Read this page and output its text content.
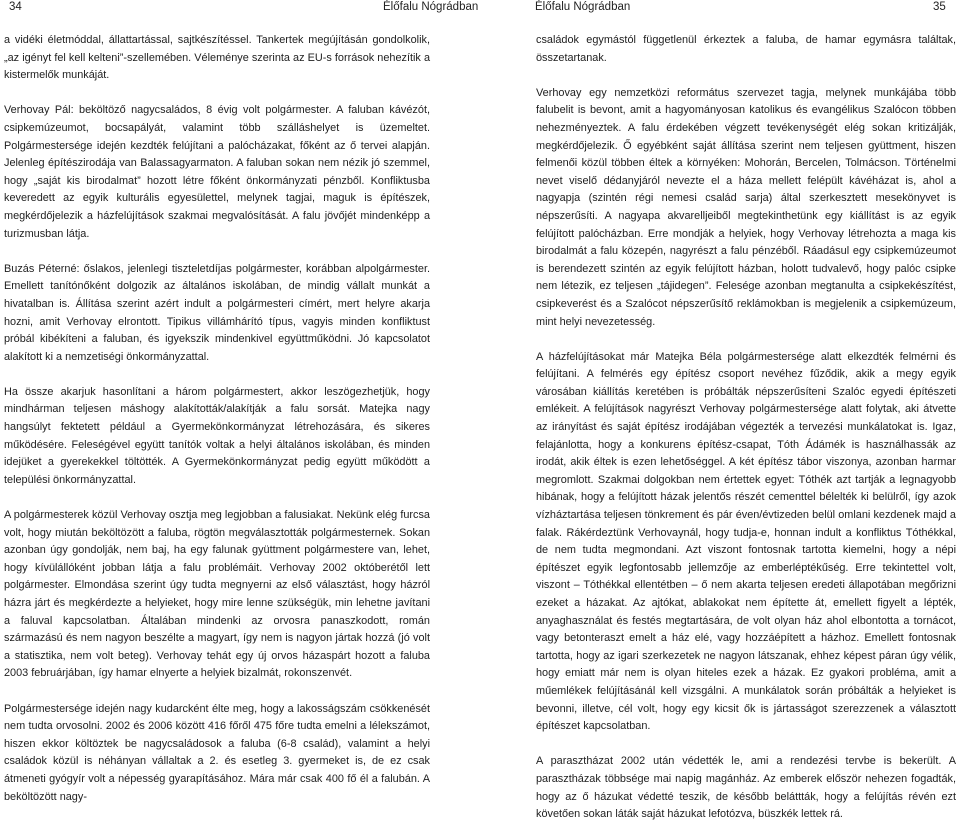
34	Élőfalu Nógrádban	Élőfalu Nógrádban	35

a vidéki életmóddal, állattartással, sajtkészítéssel. Tankertek megújításán gondolkolik, „az igényt fel kell kelteni”-szellemében. Véleménye szerinta az EU-s források nehezítik a kistermelők munkáját.

Verhovay Pál: beköltöző nagycsaládos, 8 évig volt polgármester. A faluban kávézót, csipkemúzeumot, bocsapályát, valamint több szálláshelyet is üzemeltet. Polgármestersége idején kezdték felújítani a palócházakat, főként az ő tervei alapján. Jelenleg építészirodája van Balassagyarmaton. A faluban sokan nem nézik jó szemmel, hogy „saját kis birodalmat” hozott létre főként önkormányzati pénzből. Konfliktusba keveredett az egyik kulturális egyesülettel, melynek tagjai, maguk is építészek, megkérdőjelezik a házfelújítások szakmai megvalósítását. A falu jövőjét mindenképp a turizmusban látja.

Buzás Péterné: őslakos, jelenlegi tiszteletdíjas polgármester, korábban alpolgármester. Emellett tanítónőként dolgozik az általános iskolában, de mindig vállalt munkát a hivatalban is. Állítása szerint azért indult a polgármesteri címért, mert helyre akarja hozni, amit Verhovay elrontott. Tipikus villámhárító típus, vagyis minden konfliktust próbál kibékíteni a faluban, és igyekszik mindenkivel együttműködni. Jó kapcsolatot alakított ki a nemzetiségi önkormányzattal.

Ha össze akarjuk hasonlítani a három polgármestert, akkor leszögezhetjük, hogy mindhárman teljesen máshogy alakították/alakítják a falu sorsát. Matejka nagy hangsúlyt fektetett például a Gyermekönkormányzat létrehozására, és sikeres működésére. Feleségével együtt tanítók voltak a helyi általános iskolában, és minden idejüket a gyerekekkel töltötték. A Gyermekönkormányzat pedig együtt működött a települési önkormányzattal.

A polgármesterek közül Verhovay osztja meg legjobban a falusiakat. Nekünk elég furcsa volt, hogy miután beköltözött a faluba, rögtön megválasztották polgármesternek. Sokan azonban úgy gondolják, nem baj, ha egy falunak gyüttment polgármestere van, lehet, hogy kívülállóként jobban látja a falu problémáit. Verhovay 2002 októberétől lett polgármester. Elmondása szerint úgy tudta megnyerni az első választást, hogy házról házra járt és megkérdezte a helyieket, hogy mire lenne szükségük, min lehetne javítani a faluval kapcsolatban. Általában mindenki az orvosra panaszkodott, román származású és nem nagyon beszélte a magyart, így nem is nagyon jártak hozzá (jó volt a statisztika, nem volt beteg). Verhovay tehát egy új orvos házaspárt hozott a faluba 2003 februárjában, így hamar elnyerte a helyiek bizalmát, rokonszenvét.

Polgármestersége idején nagy kudarcként élte meg, hogy a lakosságszám csökkenését nem tudta orvosolni. 2002 és 2006 között 416 főről 475 főre tudta emelni a lélekszámot, hiszen ekkor költöztek be nagycsaládosok a faluba (6-8 család), valamint a helyi családok közül is néhányan vállaltak a 2. és esetleg 3. gyermeket is, de ez csak átmeneti gyógyír volt a népesség gyarapításához. Mára már csak 400 fő él a falubán. A beköltözött nagy-

családok egymástól függetlenül érkeztek a faluba, de hamar egymásra találtak, összetartanak.

Verhovay egy nemzetközi református szervezet tagja, melynek munkájába több falubelit is bevont, amit a hagyományosan katolikus és evangélikus Szalócon többen nehezményeztek. A falu érdekében végzett tevékenységét elég sokan kritizálják, megkérdőjelezik. Ő egyébként saját állítása szerint nem teljesen gyüttment, hiszen felmenői közül többen éltek a környéken: Mohorán, Bercelen, Tolmácson. Történelmi nevet viselő dédanyjáról nevezte el a háza mellett felépült kávéházat is, ahol a nagyapja (szintén régi nemesi család sarja) által szerkesztett mesekönyvet is népszerűsíti. A nagyapa akvarelljeiből megtekinthetünk egy kiállítást is az egyik felújított palócházban. Erre mondják a helyiek, hogy Verhovay létrehozta a maga kis birodalmát a falu közepén, nagyrészt a falu pénzéből. Ráadásul egy csipkemúzeumot is berendezett szintén az egyik felújított házban, holott tudvalevő, hogy palóc csipke nem létezik, ez teljesen „tájidegen”. Felesége azonban megtanulta a csipkekészítést, csipkeverést és a Szalócot népszerűsítő reklámokban is megjelenik a csipkemúzeum, mint helyi nevezetesség.

A házfelújításokat már Matejka Béla polgármestersége alatt elkezdték felmérni és felújítani. A felmérés egy építész csoport nevéhez fűződik, akik a megy egyik városában kiállítás keretében is próbálták népszerűsíteni Szalóc egyedi építészeti emlékeit. A felújítások nagyrészt Verhovay polgármestersége alatt folytak, aki átvette az irányítást és saját építész irodájában végezték a tervezési munkálatokat is. Igaz, felajánlotta, hogy a konkurens építész-csapat, Tóth Ádámék is használhassák az irodát, akik éltek is ezen lehetőséggel. A két építész tábor viszonya, azonban harmar megromlott. Szakmai dolgokban nem értettek egyet: Tóthék azt tartják a legnagyobb hibának, hogy a felújított házak jelentős részét cementtel bélelték ki belülről, így azok vízháztartása teljesen tönkrement és pár éven/évtizeden belül omlani kezdenek majd a falak. Rákérdeztünk Verhovaynál, hogy tudja-e, honnan indult a konfliktus Tóthékkal, de nem tudta megmondani. Azt viszont fontosnak tartotta kiemelni, hogy a népi építészet egyik legfontosabb jellemzője az emberléptékűség. Erre tekintettel volt, viszont – Tóthékkal ellentétben – ő nem akarta teljesen eredeti állapotában megőrizni ezeket a házakat. Az ajtókat, ablakokat nem építette át, emellett figyelt a lépték, anyaghasználat és festés megtartására, de volt olyan ház ahol elbontotta a tornácot, vagy betonteraszt emelt a ház elé, vagy hozzáépített a házhoz. Emellett fontosnak tartotta, hogy az igari szerkezetek ne nagyon látszanak, ehhez képest páran úgy vélik, hogy emiatt már nem is olyan hiteles ezek a házak. Ez gyakori probléma, amit a műemlékek felújításánál kell vizsgálni. A munkálatok során próbálták a helyieket is bevonni, illetve, cél volt, hogy egy kicsit ők is jártasságot szerezzenek a választott építészet kapcsolatban.

A parasztházat 2002 után védették le, ami a rendezési tervbe is bekerült. A parasztházak többsége mai napig magánház. Az emberek először nehezen fogadták, hogy az ő házukat védetté teszik, de később beláttták, hogy a felújítás révén ezt követően sokan láták saját házukat lefotózva, büszkék lettek rá.
